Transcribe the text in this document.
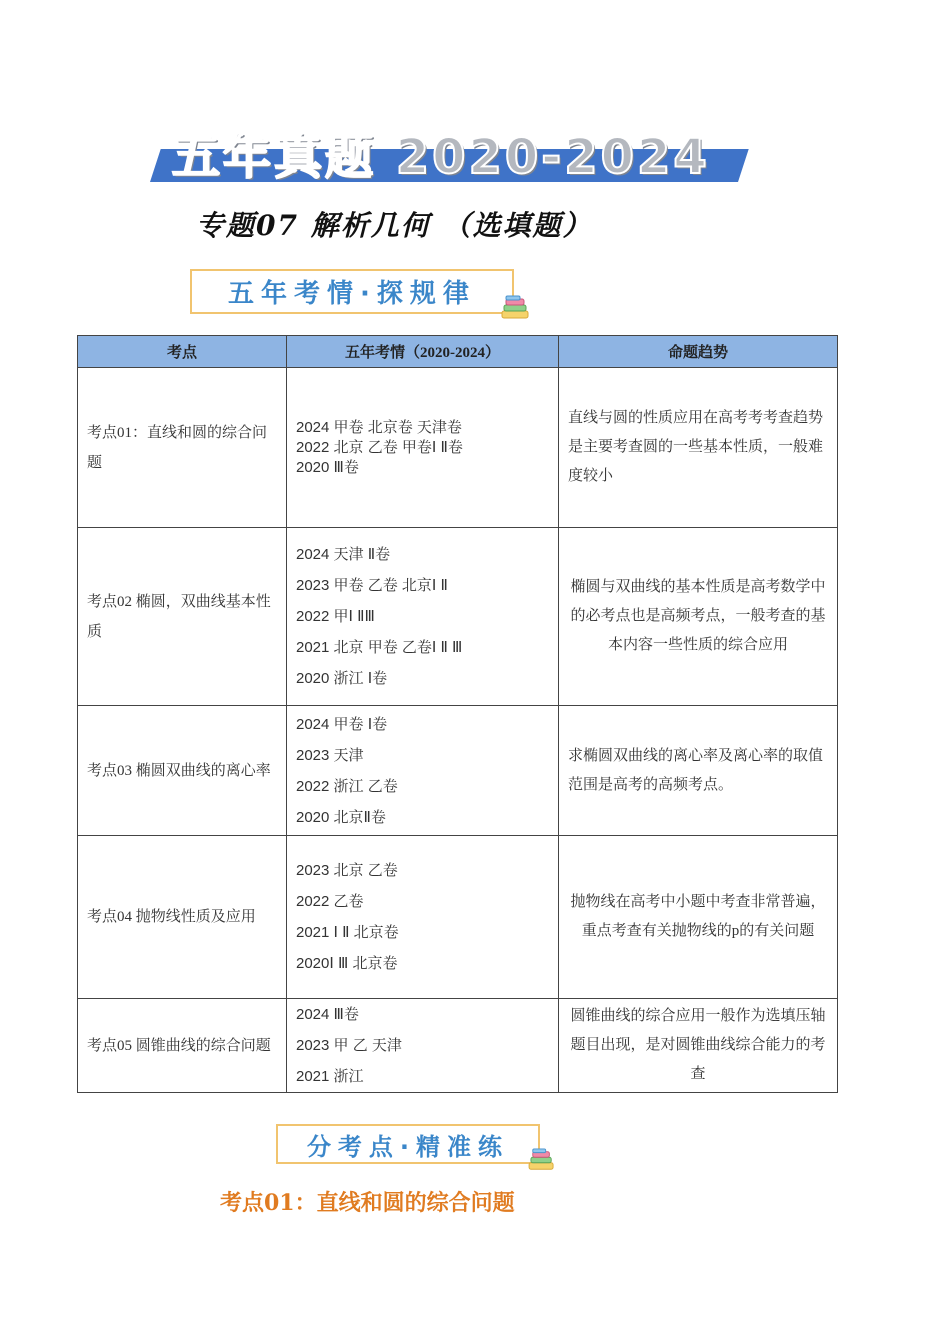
五年真题 2020-2024
专题07 解析几何 （选填题）
五年考情·探规律
考点	五年考情（2020-2024）	命题趋势
考点01：直线和圆的综合问题	2024 甲卷 北京卷 天津卷
2022 北京 乙卷 甲卷Ⅰ Ⅱ卷
2020 Ⅲ卷	直线与圆的性质应用在高考考考查趋势是主要考查圆的一些基本性质，一般难度较小
考点02 椭圆，双曲线基本性质	2024 天津 Ⅱ卷
2023 甲卷 乙卷 北京Ⅰ Ⅱ
2022 甲Ⅰ ⅡⅢ
2021 北京 甲卷 乙卷Ⅰ Ⅱ Ⅲ
2020 浙江 Ⅰ卷	椭圆与双曲线的基本性质是高考数学中的必考点也是高频考点，一般考查的基本内容一些性质的综合应用
考点03 椭圆双曲线的离心率	2024 甲卷 Ⅰ卷
2023 天津
2022 浙江 乙卷
2020 北京Ⅱ卷	求椭圆双曲线的离心率及离心率的取值范围是高考的高频考点。
考点04 抛物线性质及应用	2023 北京 乙卷
2022 乙卷
2021 Ⅰ Ⅱ 北京卷
2020Ⅰ Ⅲ 北京卷	抛物线在高考中小题中考查非常普遍，重点考查有关抛物线的p的有关问题
考点05 圆锥曲线的综合问题	2024 Ⅲ卷
2023 甲 乙 天津
2021 浙江	圆锥曲线的综合应用一般作为选填压轴题目出现，是对圆锥曲线综合能力的考查
分考点·精准练
考点01：直线和圆的综合问题
